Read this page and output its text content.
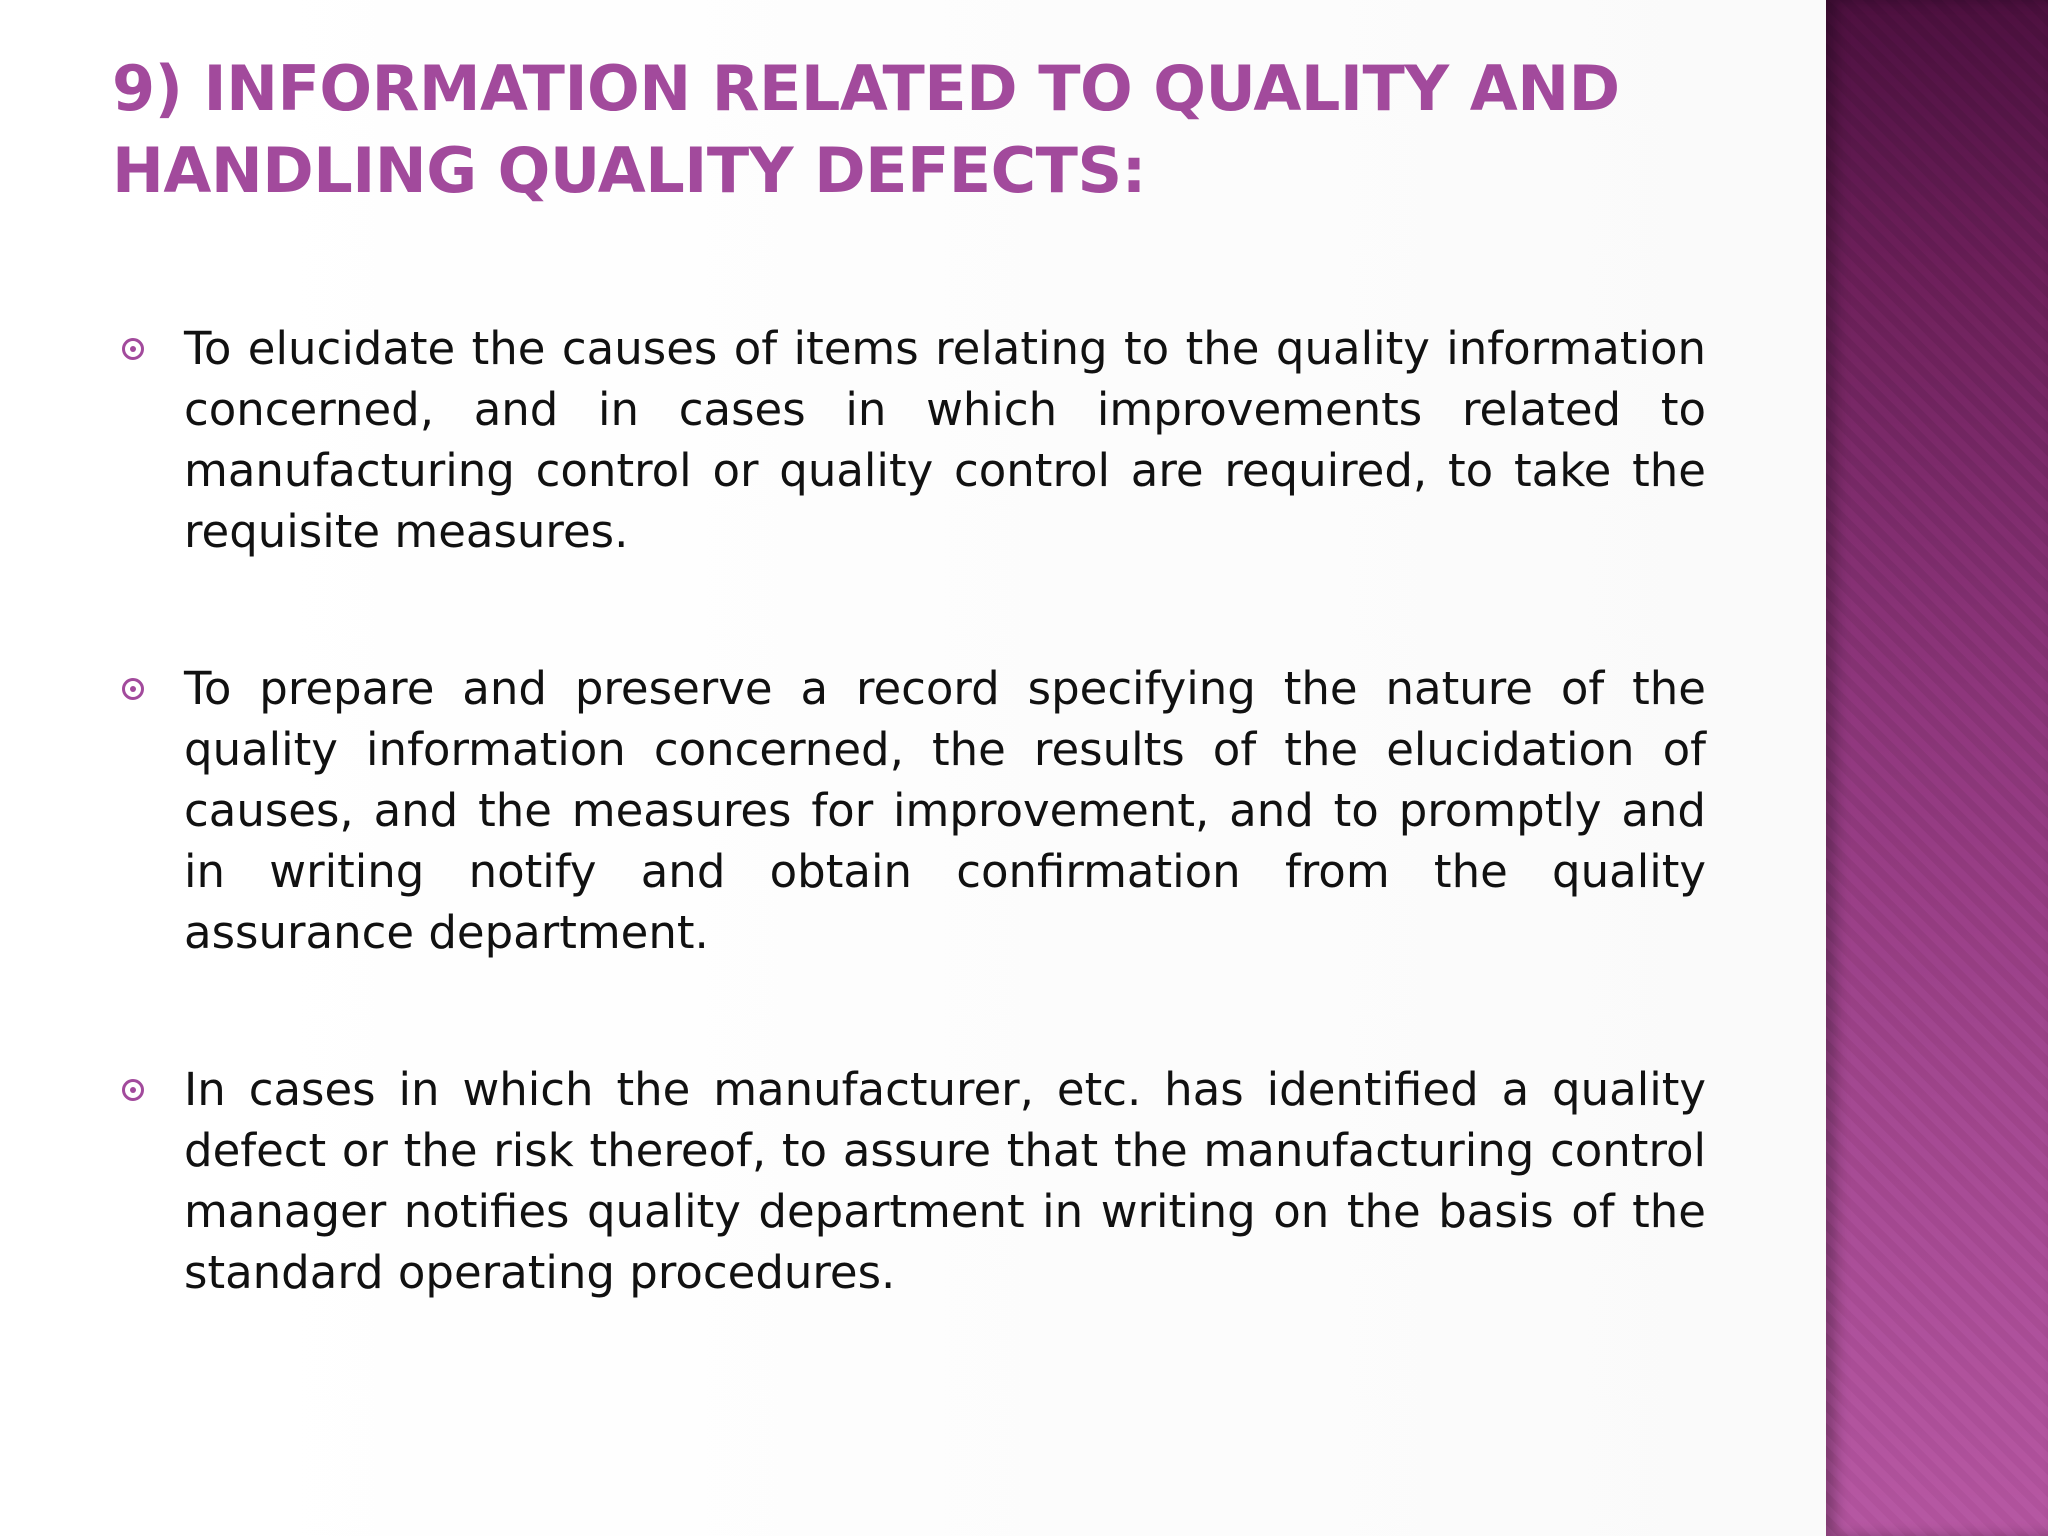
9) INFORMATION RELATED TO QUALITY AND HANDLING QUALITY DEFECTS:
To elucidate the causes of items relating to the quality information concerned, and in cases in which improvements related to manufacturing control or quality control are required, to take the requisite measures.
To prepare and preserve a record specifying the nature of the quality information concerned, the results of the elucidation of causes, and the measures for improvement, and to promptly and in writing notify and obtain confirmation from the quality assurance department.
In cases in which the manufacturer, etc. has identified a quality defect or the risk thereof, to assure that the manufacturing control manager notifies quality department in writing on the basis of the standard operating procedures.
